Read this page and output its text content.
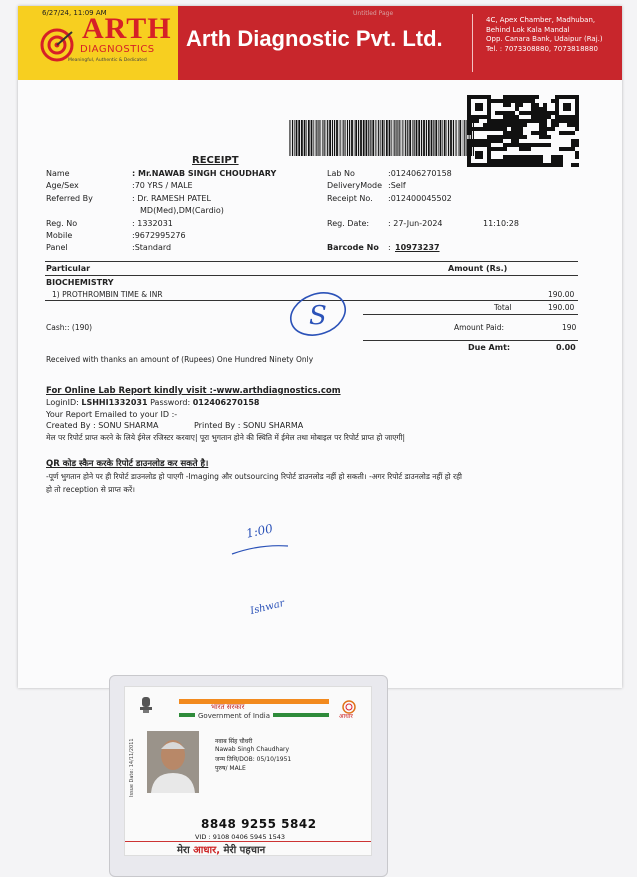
6/27/24, 11:09 AM	Untitled Page
ARTH
DIAGNOSTICS
Meaningful, Authentic & Dedicated
Arth Diagnostic Pvt. Ltd.
4C, Apex Chamber, Madhuban,
Behind Lok Kala Mandal
Opp. Canara Bank, Udaipur (Raj.)
Tel. : 7073308880, 7073818880
RECEIPT
Name	: Mr.NAWAB SINGH CHOUDHARY
Age/Sex	:70 YRS / MALE
Referred By	: Dr. RAMESH PATEL
MD(Med),DM(Cardio)
Reg. No	: 1332031
Mobile	:9672995276
Panel	:Standard
Lab No	:012406270158
DeliveryMode :Self
Receipt No. :012400045502
Reg. Date: : 27-Jun-2024	11:10:28
Barcode No : 10973237
Particular	Amount (Rs.)
BIOCHEMISTRY
1) PROTHROMBIN TIME & INR	190.00
Total	190.00
Cash:: (190)	Amount Paid:	190
Due Amt:	0.00
Received with thanks an amount of (Rupees) One Hundred Ninety Only
S
For Online Lab Report kindly visit :-www.arthdiagnostics.com
LoginID: LSHHI1332031 Password: 012406270158
Your Report Emailed to your ID :-
Created By : SONU SHARMA	Printed By : SONU SHARMA
मेल पर रिपोर्ट प्राप्त करने के लिये ईमेल रजिस्टर करवाए| पूरा भुगतान होने की स्थिति में ईमेल तथा मोबाइल पर रिपोर्ट प्राप्त हो जाएगी|
QR कोड स्कैन करके रिपोर्ट डाउनलोड कर सकते है।
-पूर्ण भुगतान होने पर ही रिपोर्ट डाउनलोड हो पाएगी -Imaging और outsourcing रिपोर्ट डाउनलोड नहीं हो सकती। -अगर रिपोर्ट डाउनलोड नहीं हो रही
हो तो reception से प्राप्त करें।
1:00
Ishwar
भारत सरकार
Government of India	आधार
Issue Date: 14/11/2011	नवाब सिंह चौधरी
Nawab Singh Chaudhary
जन्म तिथि/DOB: 05/10/1951
पुरुष/ MALE
8848 9255 5842
VID : 9108 0406 5945 1543
मेरा आधार, मेरी पहचान
